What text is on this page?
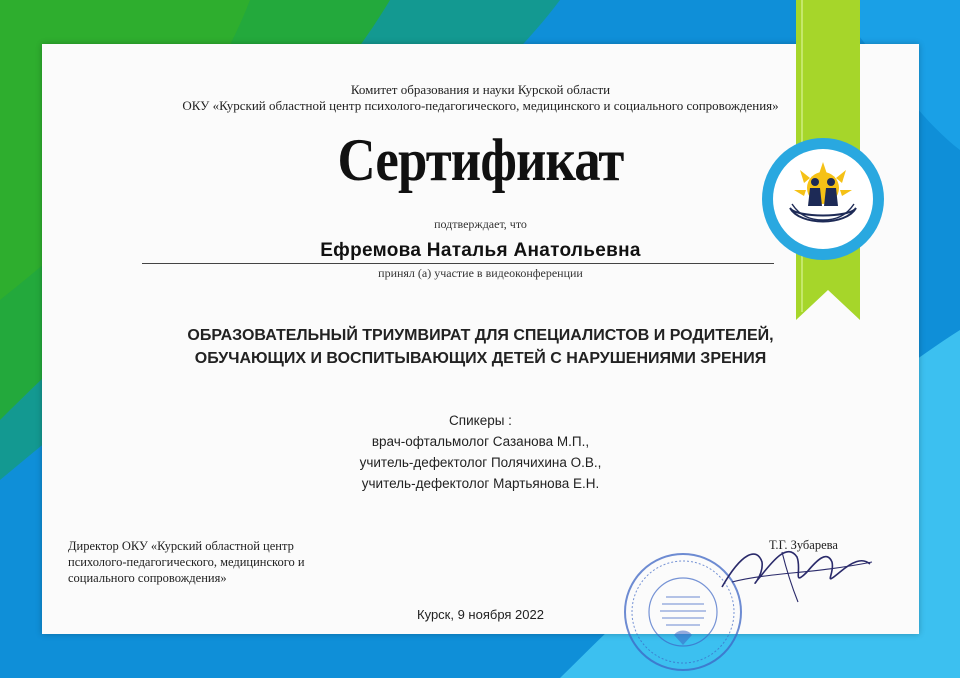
Комитет образования и науки Курской области
ОКУ «Курский областной центр психолого-педагогического, медицинского и социального сопровождения»
Сертификат
подтверждает, что
Ефремова Наталья Анатольевна
принял (а) участие в видеоконференции
ОБРАЗОВАТЕЛЬНЫЙ ТРИУМВИРАТ ДЛЯ СПЕЦИАЛИСТОВ И РОДИТЕЛЕЙ,
ОБУЧАЮЩИХ И ВОСПИТЫВАЮЩИХ ДЕТЕЙ С НАРУШЕНИЯМИ ЗРЕНИЯ
Спикеры :
врач-офтальмолог Сазанова М.П.,
учитель-дефектолог Полячихина О.В.,
учитель-дефектолог Мартьянова Е.Н.
Директор ОКУ «Курский областной центр
психолого-педагогического, медицинского и
социального сопровождения»
Т.Г. Зубарева
Курск, 9 ноября 2022
